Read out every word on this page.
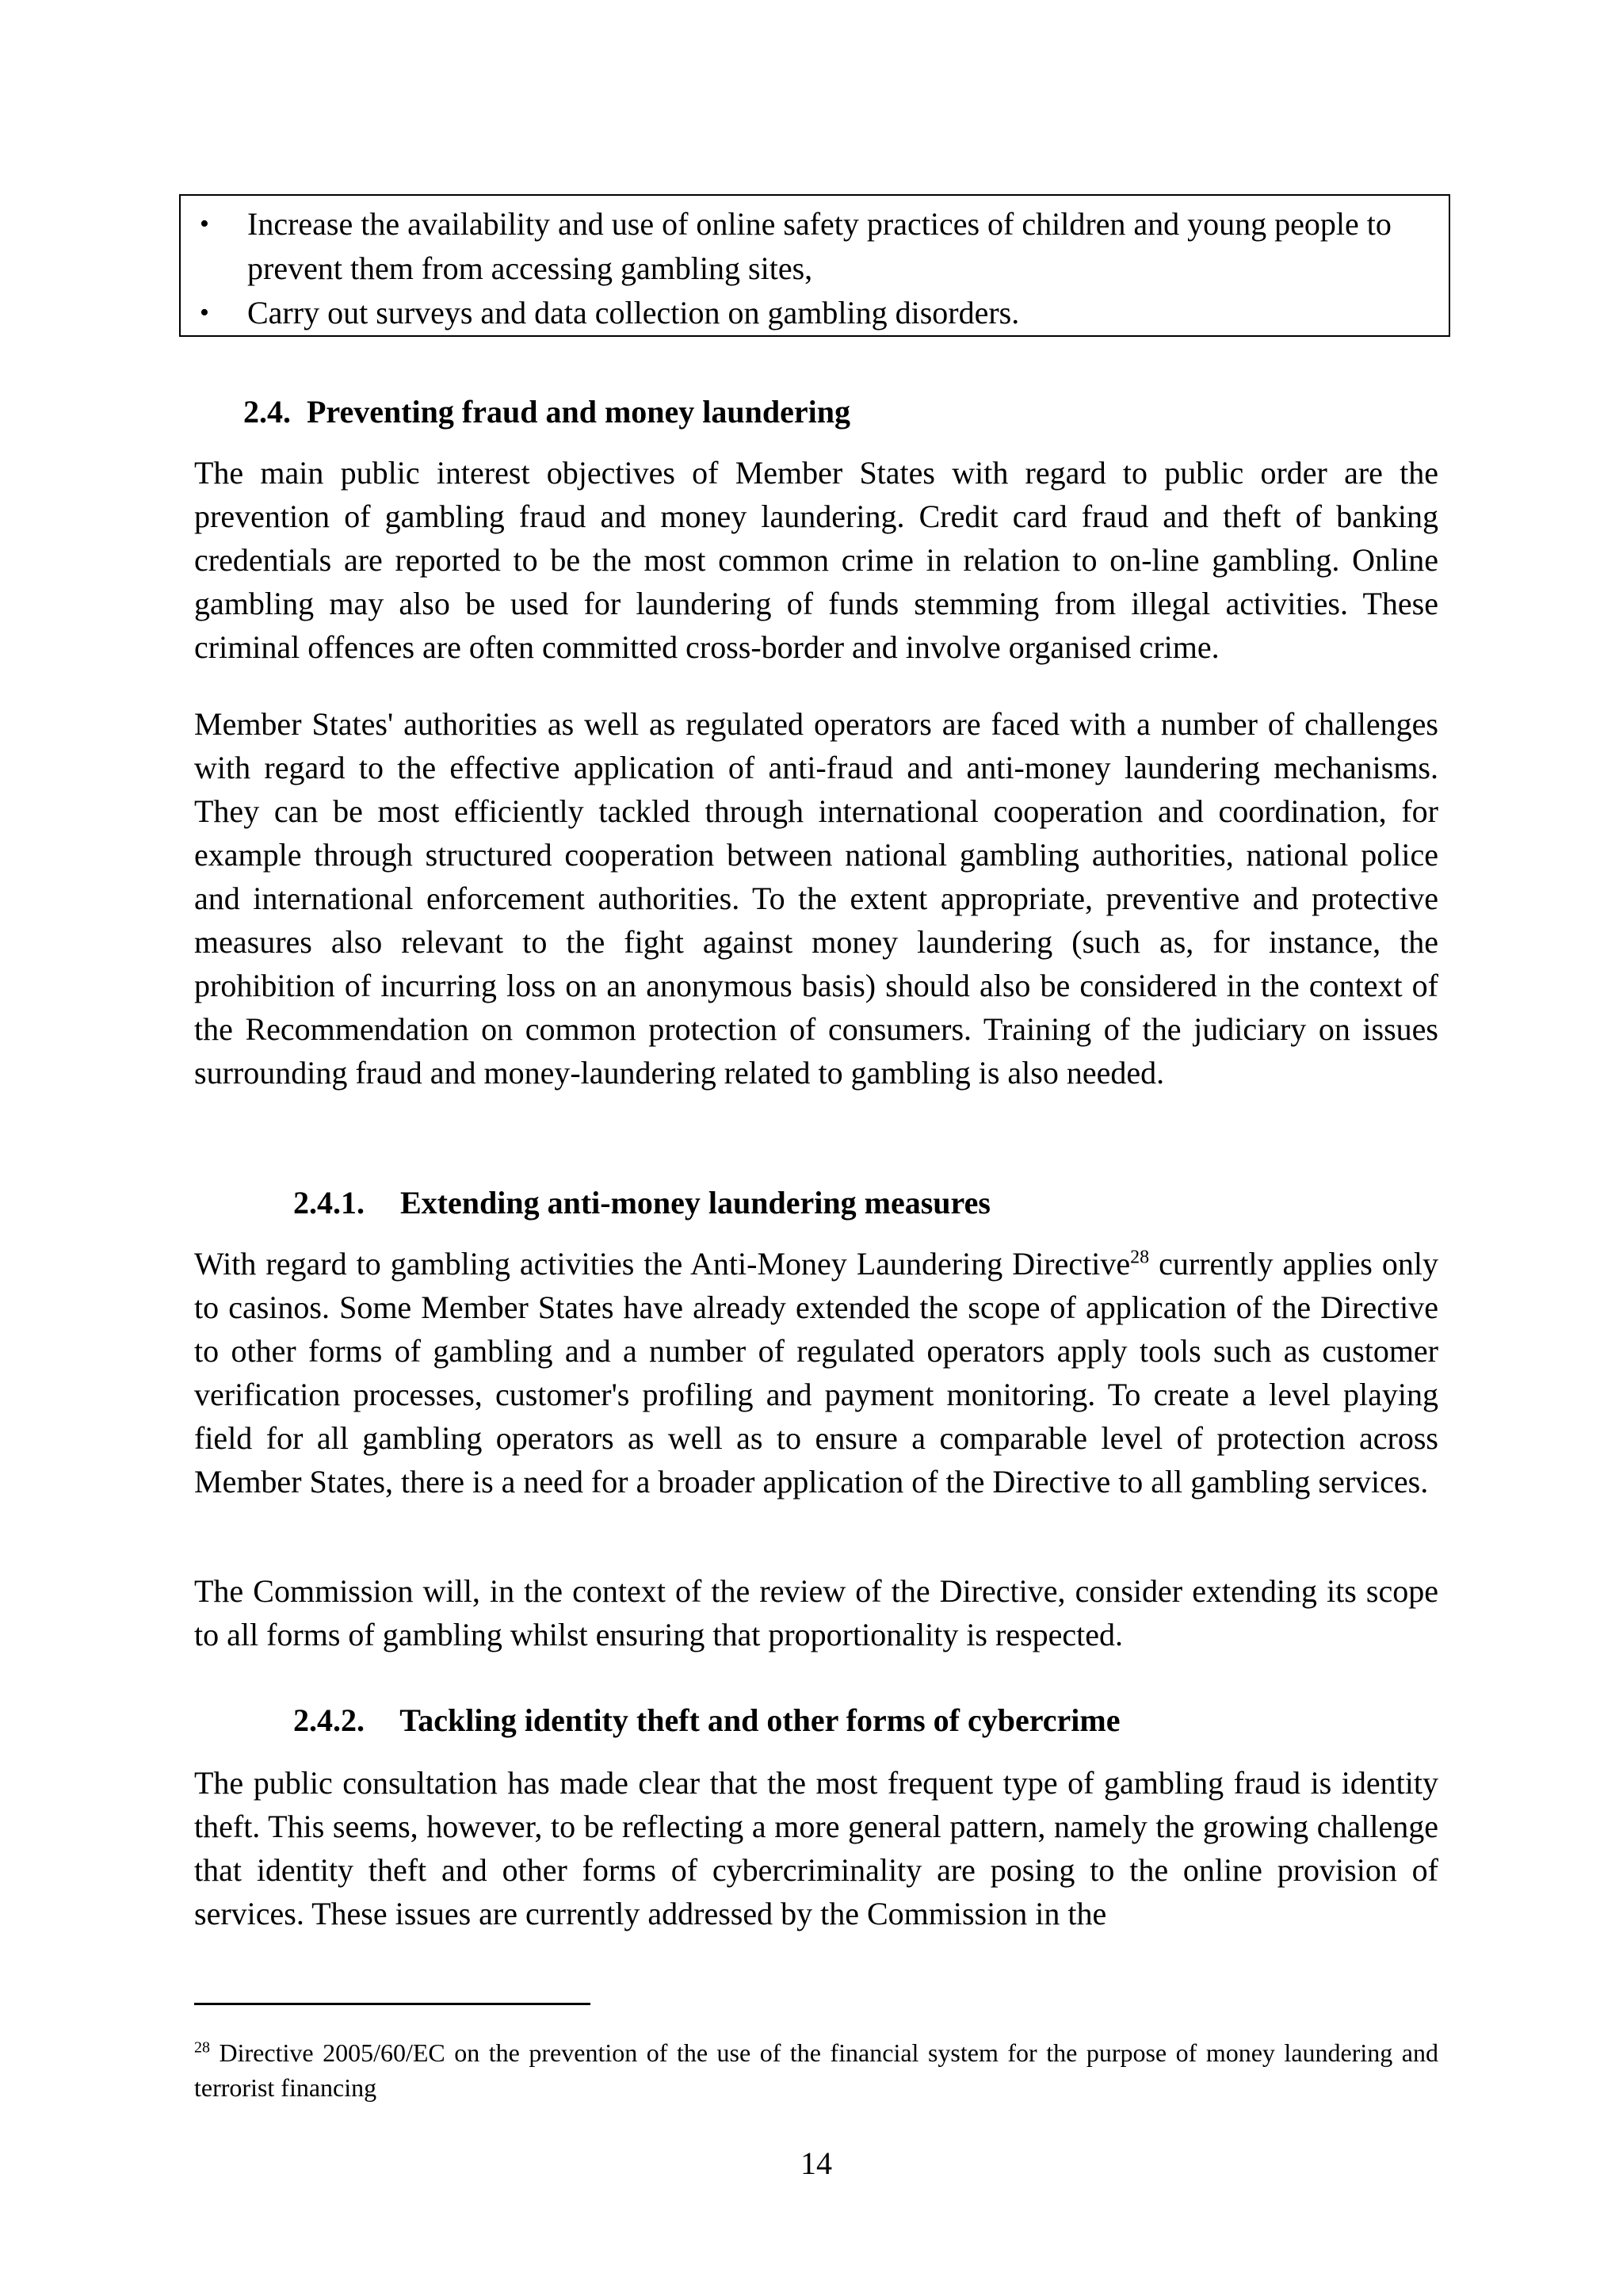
•	Increase the availability and use of online safety practices of children and young people to prevent them from accessing gambling sites,
•	Carry out surveys and data collection on gambling disorders.
2.4. Preventing fraud and money laundering
The main public interest objectives of Member States with regard to public order are the prevention of gambling fraud and money laundering. Credit card fraud and theft of banking credentials are reported to be the most common crime in relation to on-line gambling. Online gambling may also be used for laundering of funds stemming from illegal activities. These criminal offences are often committed cross-border and involve organised crime.
Member States' authorities as well as regulated operators are faced with a number of challenges with regard to the effective application of anti-fraud and anti-money laundering mechanisms. They can be most efficiently tackled through international cooperation and coordination, for example through structured cooperation between national gambling authorities, national police and international enforcement authorities. To the extent appropriate, preventive and protective measures also relevant to the fight against money laundering (such as, for instance, the prohibition of incurring loss on an anonymous basis) should also be considered in the context of the Recommendation on common protection of consumers. Training of the judiciary on issues surrounding fraud and money-laundering related to gambling is also needed.
2.4.1. Extending anti-money laundering measures
With regard to gambling activities the Anti-Money Laundering Directive$^{28}$ currently applies only to casinos. Some Member States have already extended the scope of application of the Directive to other forms of gambling and a number of regulated operators apply tools such as customer verification processes, customer's profiling and payment monitoring. To create a level playing field for all gambling operators as well as to ensure a comparable level of protection across Member States, there is a need for a broader application of the Directive to all gambling services.
The Commission will, in the context of the review of the Directive, consider extending its scope to all forms of gambling whilst ensuring that proportionality is respected.
2.4.2. Tackling identity theft and other forms of cybercrime
The public consultation has made clear that the most frequent type of gambling fraud is identity theft. This seems, however, to be reflecting a more general pattern, namely the growing challenge that identity theft and other forms of cybercriminality are posing to the online provision of services. These issues are currently addressed by the Commission in the
$^{28}$ Directive 2005/60/EC on the prevention of the use of the financial system for the purpose of money laundering and terrorist financing
14
